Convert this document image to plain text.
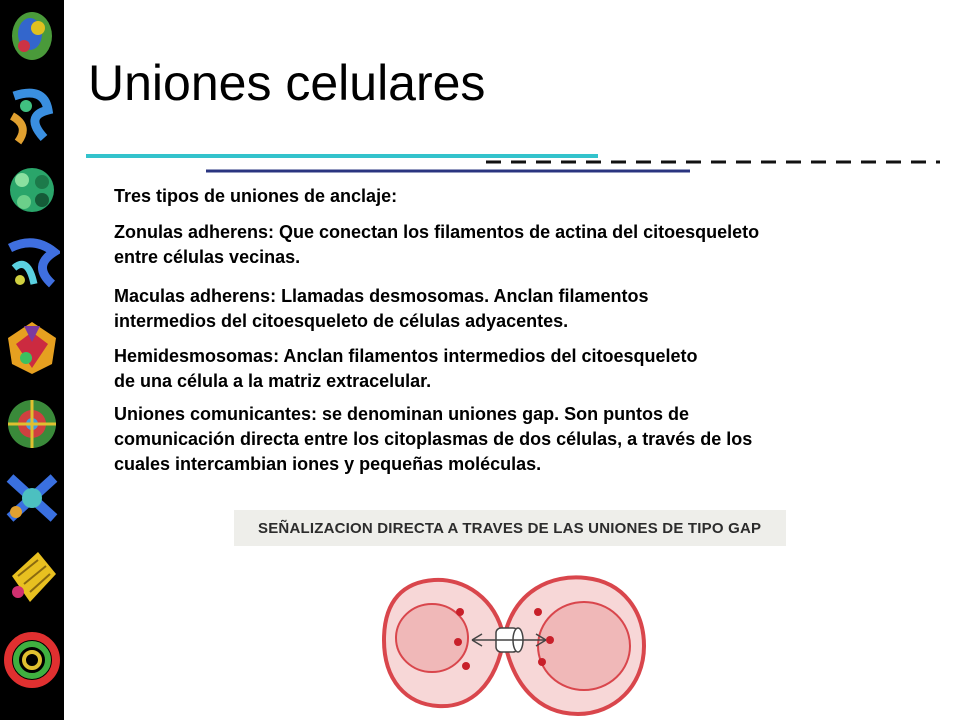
Uniones celulares

Tres tipos de uniones de anclaje:

Zonulas adherens: Que conectan los filamentos de actina del citoesqueleto
entre células vecinas.

Maculas adherens: Llamadas desmosomas. Anclan filamentos
intermedios del citoesqueleto de células adyacentes.

Hemidesmosomas: Anclan filamentos intermedios del citoesqueleto
de una célula a la matriz extracelular.

Uniones comunicantes: se denominan uniones gap. Son puntos de
comunicación directa entre los citoplasmas de dos células, a través de los
cuales intercambian iones y pequeñas moléculas.

SEÑALIZACION DIRECTA A TRAVES DE LAS UNIONES DE TIPO GAP
